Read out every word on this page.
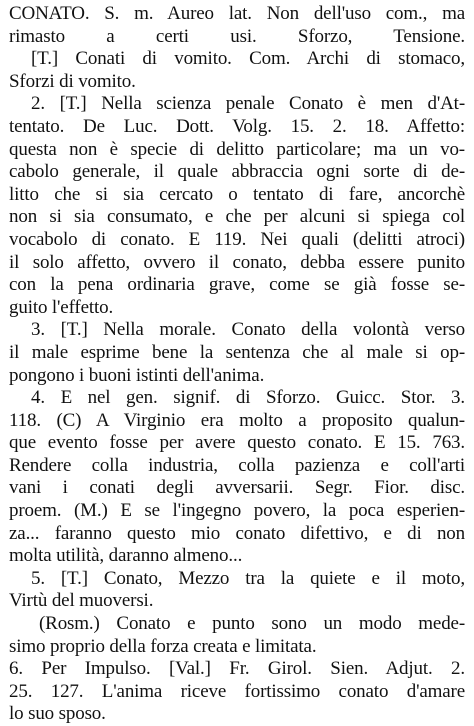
CONATO. S. m. Aureo lat. Non dell'uso com., ma
rimasto a certi usi. Sforzo, Tensione.
[T.] Conati di vomito. Com. Archi di stomaco,
Sforzi di vomito.
2. [T.] Nella scienza penale Conato è men d'At-
tentato. De Luc. Dott. Volg. 15. 2. 18. Affetto:
questa non è specie di delitto particolare; ma un vo-
cabolo generale, il quale abbraccia ogni sorte di de-
litto che si sia cercato o tentato di fare, ancorchè
non si sia consumato, e che per alcuni si spiega col
vocabolo di conato. E 119. Nei quali (delitti atroci)
il solo affetto, ovvero il conato, debba essere punito
con la pena ordinaria grave, come se già fosse se-
guito l'effetto.
3. [T.] Nella morale. Conato della volontà verso
il male esprime bene la sentenza che al male si op-
pongono i buoni istinti dell'anima.
4. E nel gen. signif. di Sforzo. Guicc. Stor. 3.
118. (C) A Virginio era molto a proposito qualun-
que evento fosse per avere questo conato. E 15. 763.
Rendere colla industria, colla pazienza e coll'arti
vani i conati degli avversarii. Segr. Fior. disc.
proem. (M.) E se l'ingegno povero, la poca esperien-
za... faranno questo mio conato difettivo, e di non
molta utilità, daranno almeno...
5. [T.] Conato, Mezzo tra la quiete e il moto,
Virtù del muoversi.
(Rosm.) Conato e punto sono un modo mede-
simo proprio della forza creata e limitata.
6. Per Impulso. [Val.] Fr. Girol. Sien. Adjut. 2.
25. 127. L'anima riceve fortissimo conato d'amare
lo suo sposo.
